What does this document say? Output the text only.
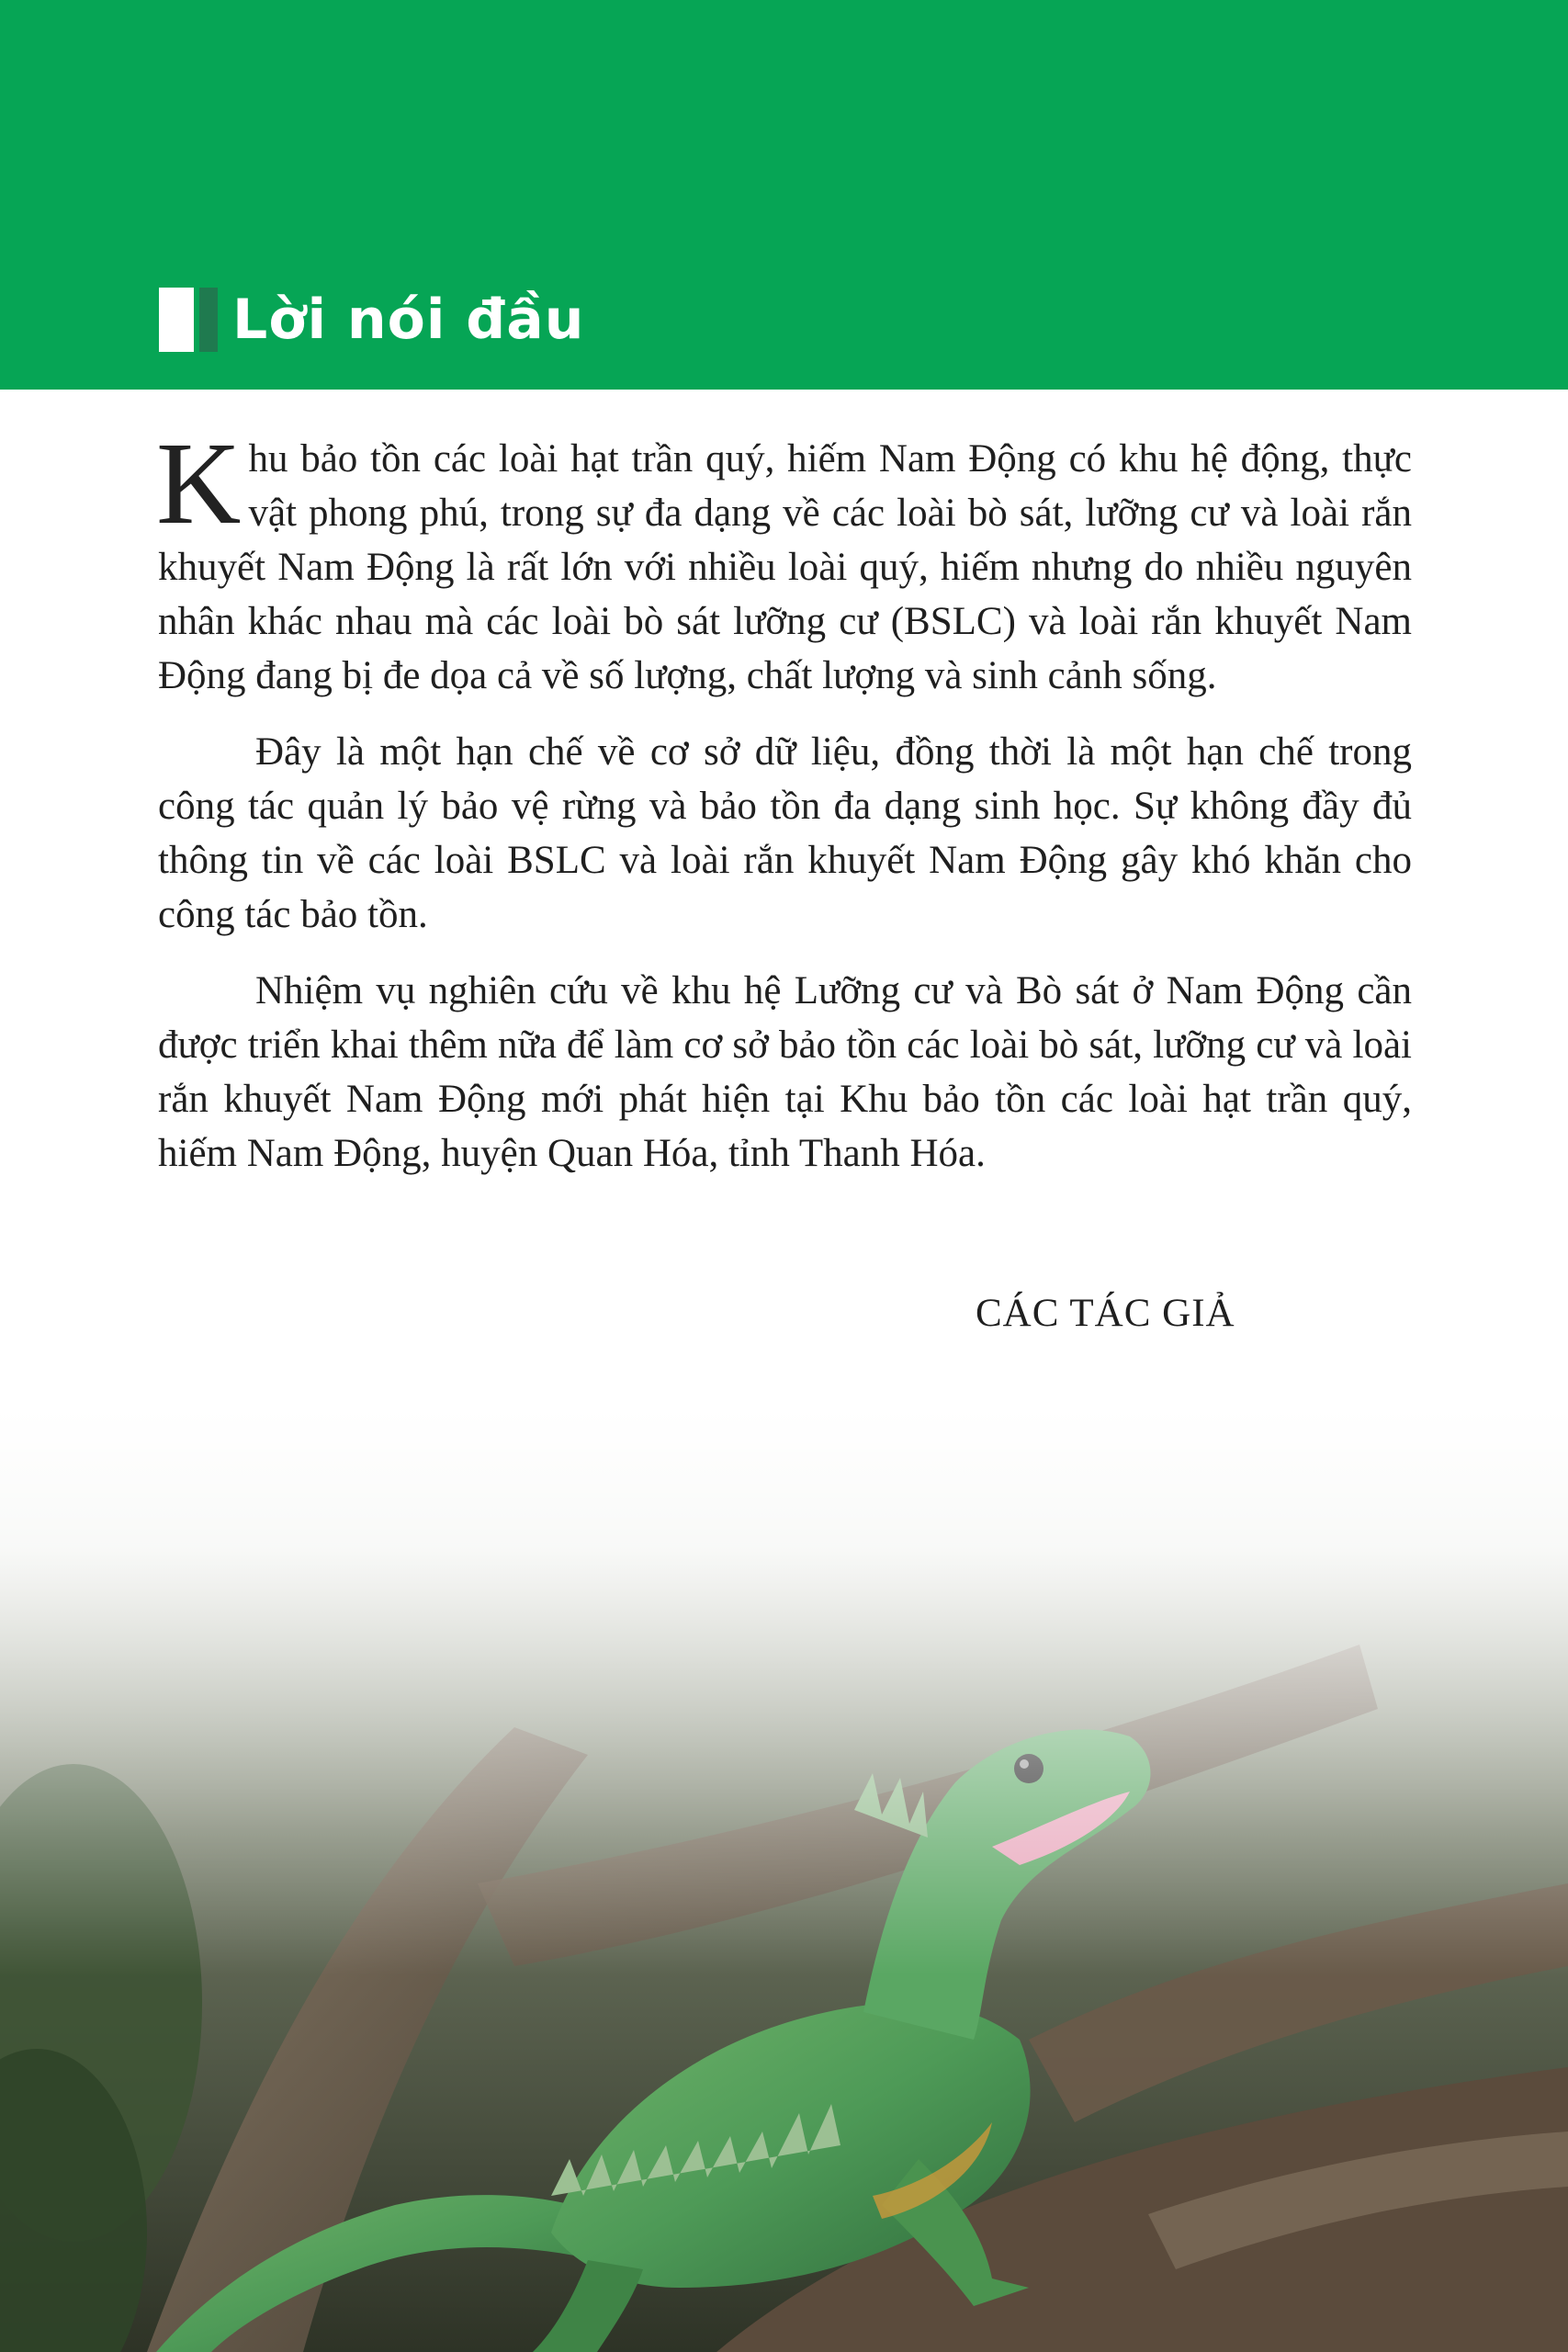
Lời nói đầu

Khu bảo tồn các loài hạt trần quý, hiếm Nam Động có khu hệ động, thực vật phong phú, trong sự đa dạng về các loài bò sát, lưỡng cư và loài rắn khuyết Nam Động là rất lớn với nhiều loài quý, hiếm nhưng do nhiều nguyên nhân khác nhau mà các loài bò sát lưỡng cư (BSLC) và loài rắn khuyết Nam Động đang bị đe dọa cả về số lượng, chất lượng và sinh cảnh sống.

Đây là một hạn chế về cơ sở dữ liệu, đồng thời là một hạn chế trong công tác quản lý bảo vệ rừng và bảo tồn đa dạng sinh học. Sự không đầy đủ thông tin về các loài BSLC và loài rắn khuyết Nam Động gây khó khăn cho công tác bảo tồn.

Nhiệm vụ nghiên cứu về khu hệ Lưỡng cư và Bò sát ở Nam Động cần được triển khai thêm nữa để làm cơ sở bảo tồn các loài bò sát, lưỡng cư và loài rắn khuyết Nam Động mới phát hiện tại Khu bảo tồn các loài hạt trần quý, hiếm Nam Động, huyện Quan Hóa, tỉnh Thanh Hóa.

CÁC TÁC GIẢ
